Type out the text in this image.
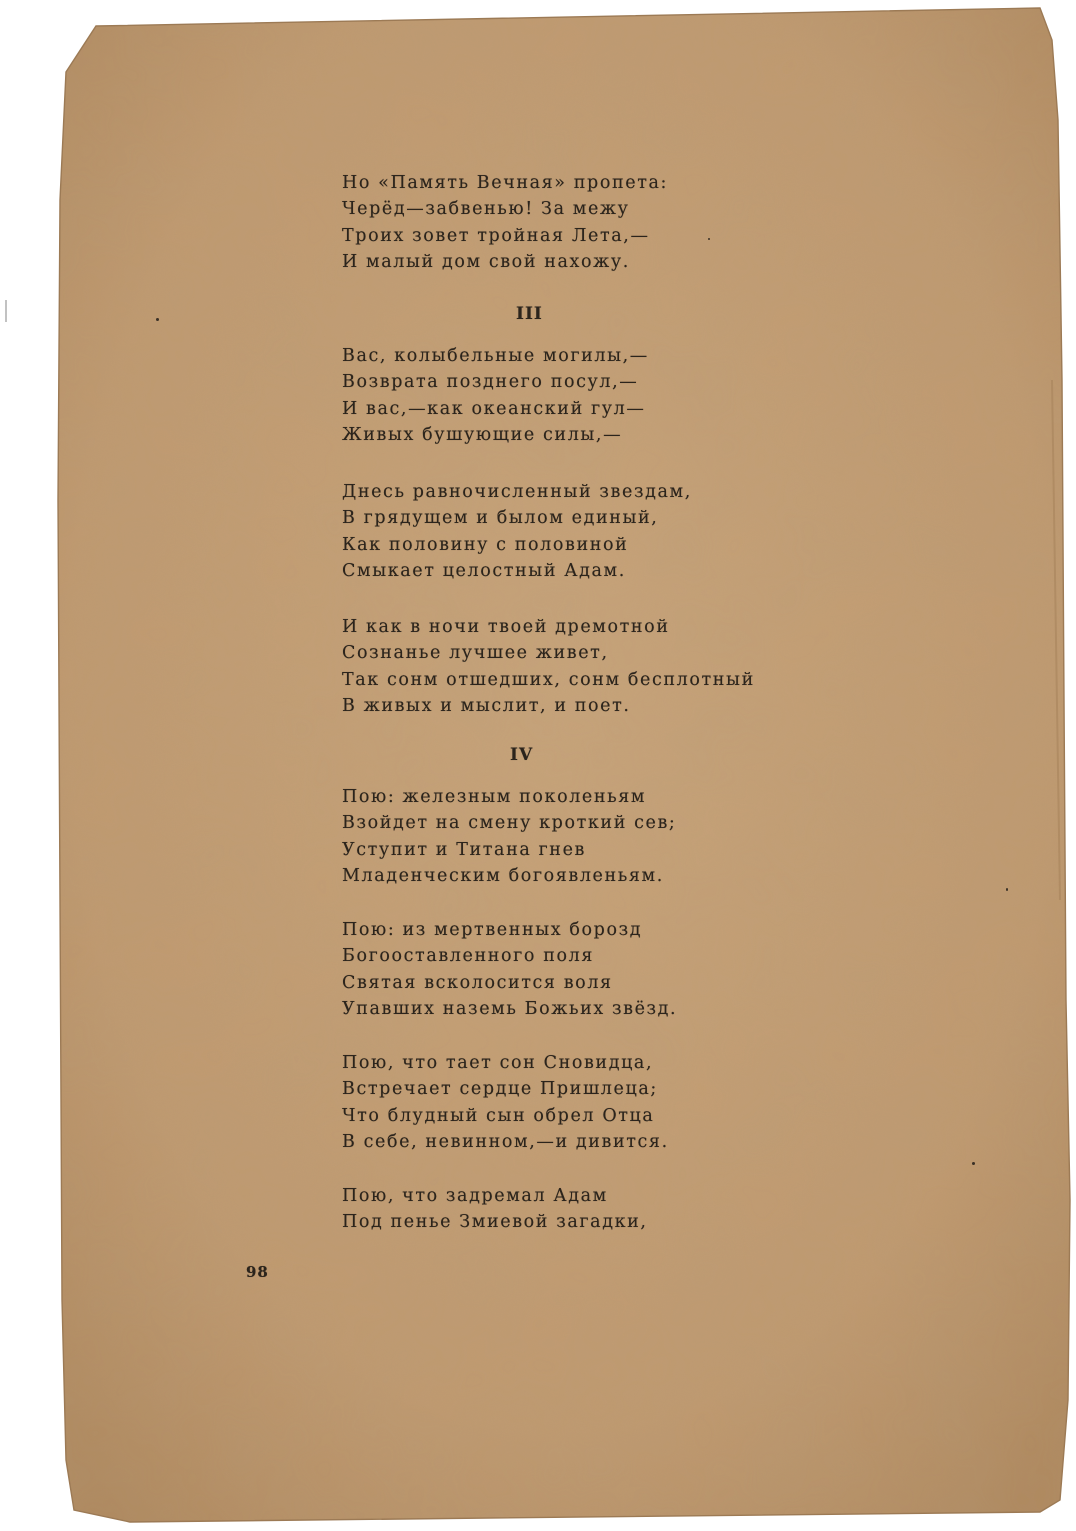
Но «Память Вечная» пропета:
Черёд—забвенью! За межу
Троих зовет тройная Лета,—
И малый дом свой нахожу.
III
Вас, колыбельные могилы,—
Возврата позднего посул,—
И вас,—как океанский гул—
Живых бушующие силы,—
Днесь равночисленный звездам,
В грядущем и былом единый,
Как половину с половиной
Смыкает целостный Адам.
И как в ночи твоей дремотной
Сознанье лучшее живет,
Так сонм отшедших, сонм бесплотный
В живых и мыслит, и поет.
IV
Пою: железным поколеньям
Взойдет на смену кроткий сев;
Уступит и Титана гнев
Младенческим богоявленьям.
Пою: из мертвенных борозд
Богооставленного поля
Святая всколосится воля
Упавших наземь Божьих звёзд.
Пою, что тает сон Сновидца,
Встречает сердце Пришлеца;
Что блудный сын обрел Отца
В себе, невинном,—и дивится.
Пою, что задремал Адам
Под пенье Змиевой загадки,
98
